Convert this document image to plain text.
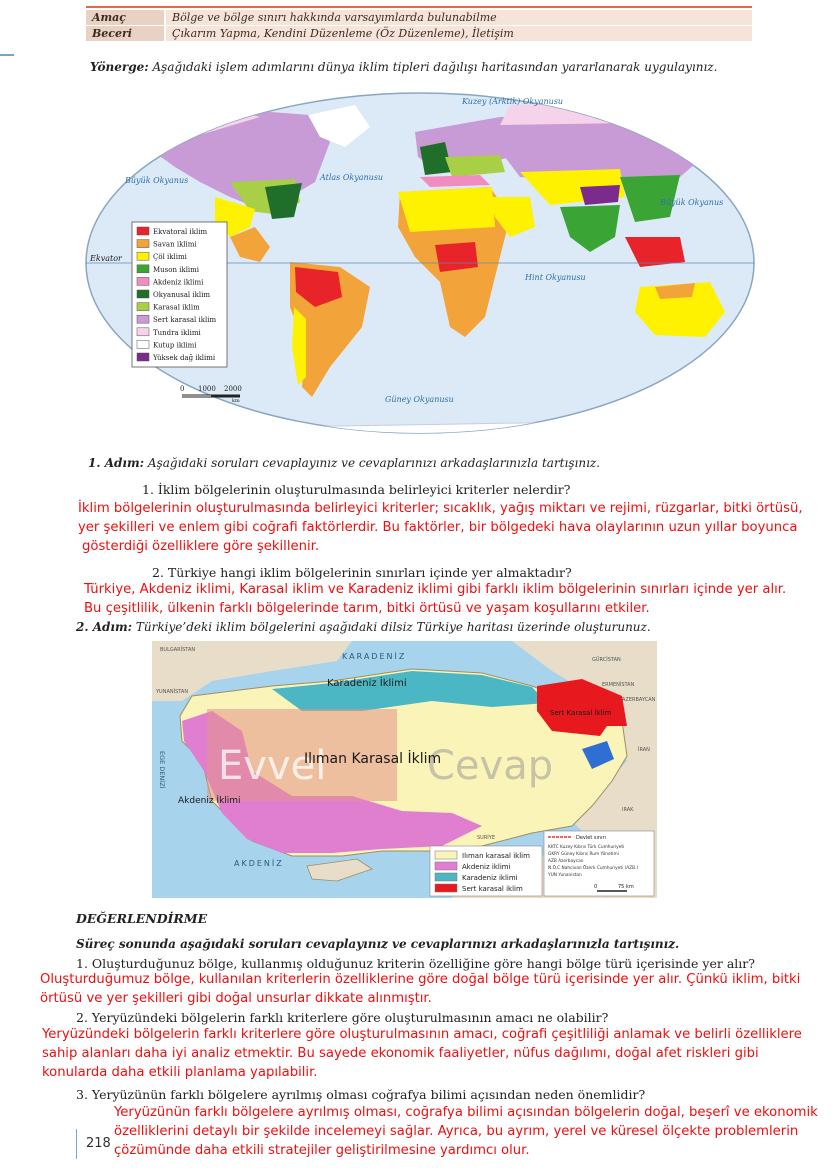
Amaç	Bölge ve bölge sınırı hakkında varsayımlarda bulunabilme
Beceri	Çıkarım Yapma, Kendini Düzenleme (Öz Düzenleme), İletişim
Yönerge: Aşağıdaki işlem adımlarını dünya iklim tipleri dağılışı haritasından yararlanarak uygulayınız.
Kuzey (Arktik) Okyanusu
Büyük Okyanus	Atlas Okyanusu
Büyük Okyanus
Hint Okyanusu
Güney Okyanusu
Ekvator
Ekvatoral iklim
Savan iklimi
Çöl iklimi
Muson iklimi
Akdeniz iklimi
Okyanusal iklim
Karasal iklim
Sert karasal iklim
Tundra iklimi
Kutup iklimi
Yüksek dağ iklimi
0 1000 2000
km
1. Adım: Aşağıdaki soruları cevaplayınız ve cevaplarınızı arkadaşlarınızla tartışınız.
1. İklim bölgelerinin oluşturulmasında belirleyici kriterler nelerdir?
İklim bölgelerinin oluşturulmasında belirleyici kriterler; sıcaklık, yağış miktarı ve rejimi, rüzgarlar, bitki örtüsü,
yer şekilleri ve enlem gibi coğrafi faktörlerdir. Bu faktörler, bir bölgedeki hava olaylarının uzun yıllar boyunca
gösterdiği özelliklere göre şekillenir.
2. Türkiye hangi iklim bölgelerinin sınırları içinde yer almaktadır?
Türkiye, Akdeniz iklimi, Karasal iklim ve Karadeniz iklimi gibi farklı iklim bölgelerinin sınırları içinde yer alır.
Bu çeşitlilik, ülkenin farklı bölgelerinde tarım, bitki örtüsü ve yaşam koşullarını etkiler.
2. Adım: Türkiye’deki iklim bölgelerini aşağıdaki dilsiz Türkiye haritası üzerinde oluşturunuz.
Evvel	Cevap
KARADENİZ
AKDENİZ
EGE DENİZİ
Karadeniz İklimi
Ilıman Karasal İklim
Akdeniz İklimi
Sert Karasal İklim
BULGARİSTAN
YUNANİSTAN
GÜRCİSTAN
ERMENİSTAN
İRAN
IRAK
SURİYE
AZERBAYCAN
Ilıman karasal iklim
Akdeniz iklimi
Karadeniz iklimi
Sert karasal iklim
Devlet sınırı
KKTC Kuzey Kıbrıs Türk Cumhuriyeti
GKRY Güney Kıbrıs Rum Yönetimi
AZB Azerbaycan
N.Ö.C Nahcivan Özerk Cumhuriyeti (AZB.)
YUN Yunanistan
0	75 km
DEĞERLENDİRME
Süreç sonunda aşağıdaki soruları cevaplayınız ve cevaplarınızı arkadaşlarınızla tartışınız.
1. Oluşturduğunuz bölge, kullanmış olduğunuz kriterin özelliğine göre hangi bölge türü içerisinde yer alır?
Oluşturduğumuz bölge, kullanılan kriterlerin özelliklerine göre doğal bölge türü içerisinde yer alır. Çünkü iklim, bitki
örtüsü ve yer şekilleri gibi doğal unsurlar dikkate alınmıştır.
2. Yeryüzündeki bölgelerin farklı kriterlere göre oluşturulmasının amacı ne olabilir?
Yeryüzündeki bölgelerin farklı kriterlere göre oluşturulmasının amacı, coğrafi çeşitliliği anlamak ve belirli özelliklere
sahip alanları daha iyi analiz etmektir. Bu sayede ekonomik faaliyetler, nüfus dağılımı, doğal afet riskleri gibi
konularda daha etkili planlama yapılabilir.
3. Yeryüzünün farklı bölgelere ayrılmış olması coğrafya bilimi açısından neden önemlidir?
Yeryüzünün farklı bölgelere ayrılmış olması, coğrafya bilimi açısından bölgelerin doğal, beşerî ve ekonomik
özelliklerini detaylı bir şekilde incelemeyi sağlar. Ayrıca, bu ayrım, yerel ve küresel ölçekte problemlerin
çözümünde daha etkili stratejiler geliştirilmesine yardımcı olur.
218
